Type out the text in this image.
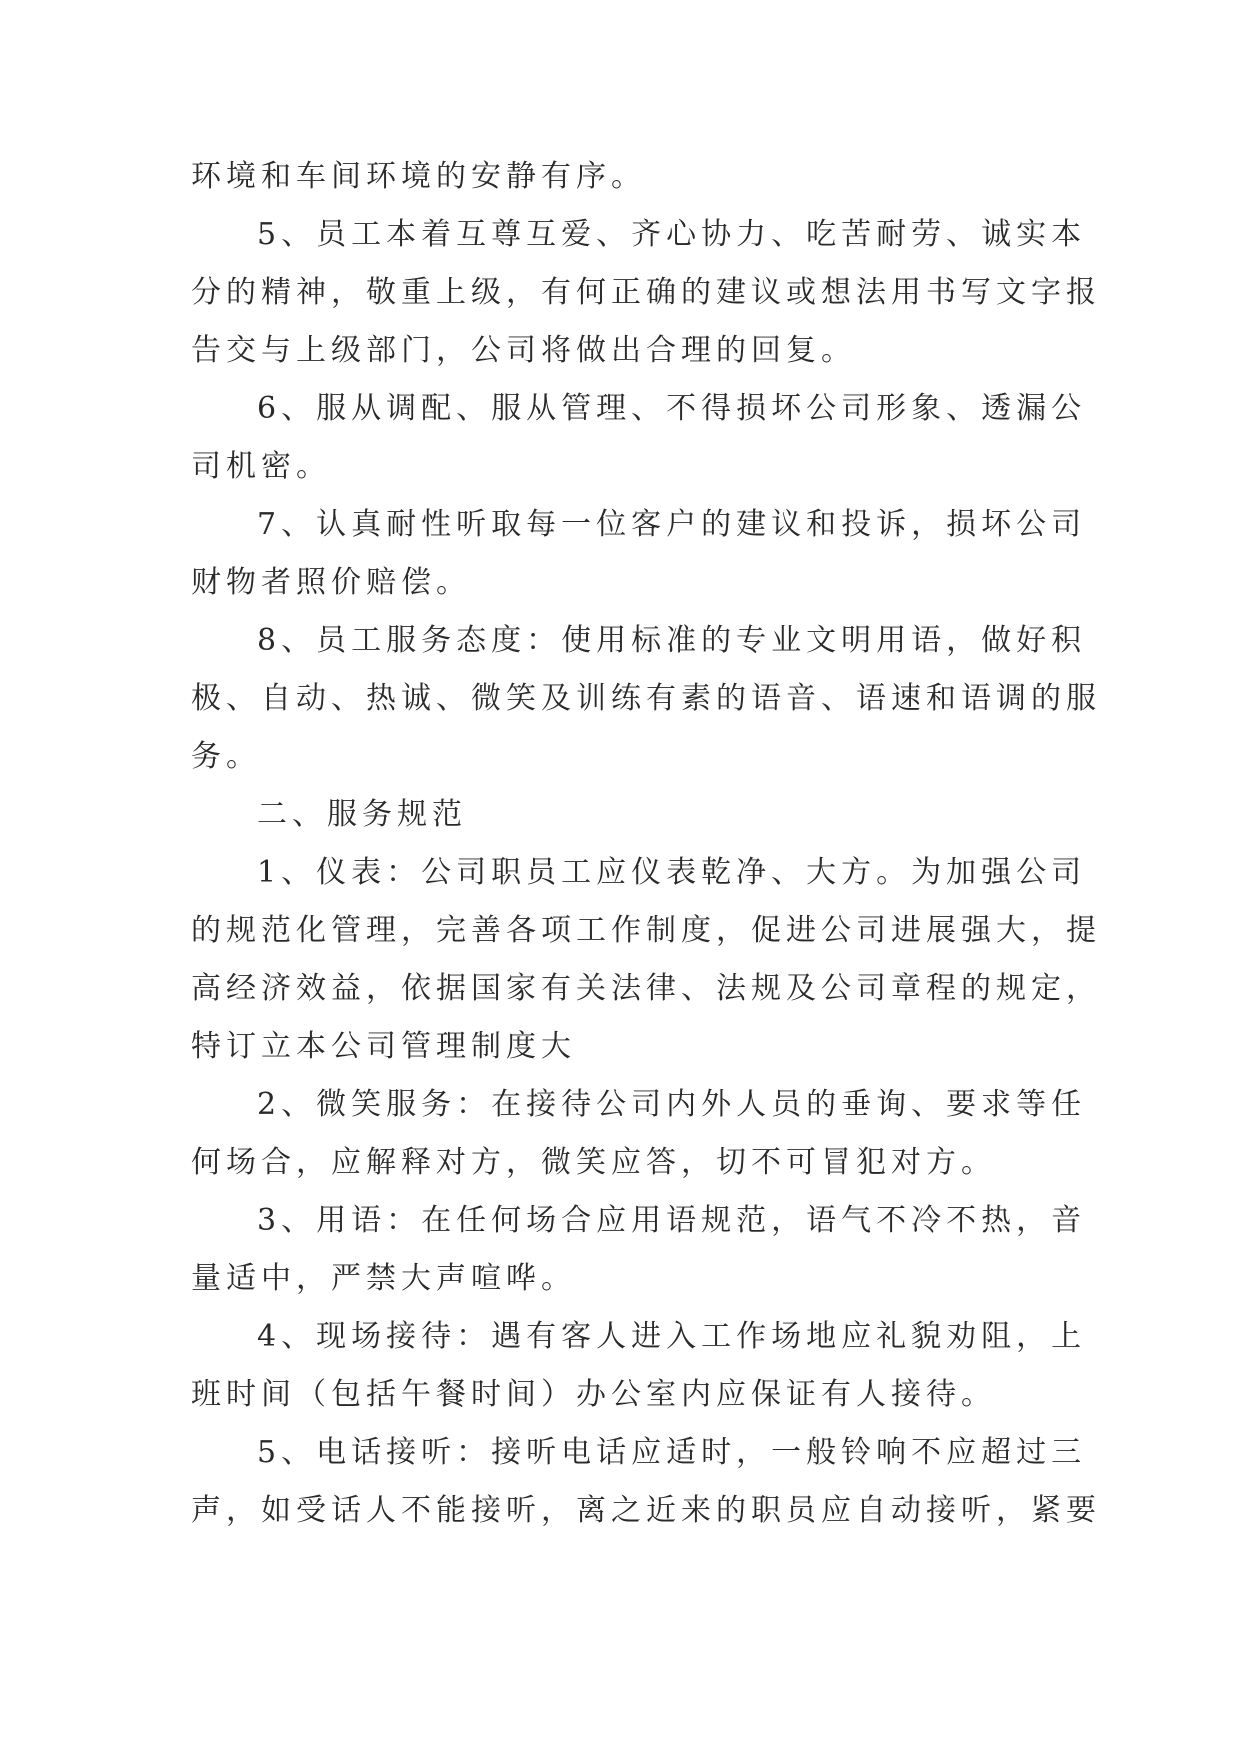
环境和车间环境的安静有序。
5、员工本着互尊互爱、齐心协力、吃苦耐劳、诚实本
分的精神，敬重上级，有何正确的建议或想法用书写文字报
告交与上级部门，公司将做出合理的回复。
6、服从调配、服从管理、不得损坏公司形象、透漏公
司机密。
7、认真耐性听取每一位客户的建议和投诉，损坏公司
财物者照价赔偿。
8、员工服务态度：使用标准的专业文明用语，做好积
极、自动、热诚、微笑及训练有素的语音、语速和语调的服
务。
二、服务规范
1、仪表：公司职员工应仪表乾净、大方。为加强公司
的规范化管理，完善各项工作制度，促进公司进展强大，提
高经济效益，依据国家有关法律、法规及公司章程的规定，
特订立本公司管理制度大
2、微笑服务：在接待公司内外人员的垂询、要求等任
何场合，应解释对方，微笑应答，切不可冒犯对方。
3、用语：在任何场合应用语规范，语气不冷不热，音
量适中，严禁大声喧哗。
4、现场接待：遇有客人进入工作场地应礼貌劝阻，上
班时间（包括午餐时间）办公室内应保证有人接待。
5、电话接听：接听电话应适时，一般铃响不应超过三
声，如受话人不能接听，离之近来的职员应自动接听，紧要
